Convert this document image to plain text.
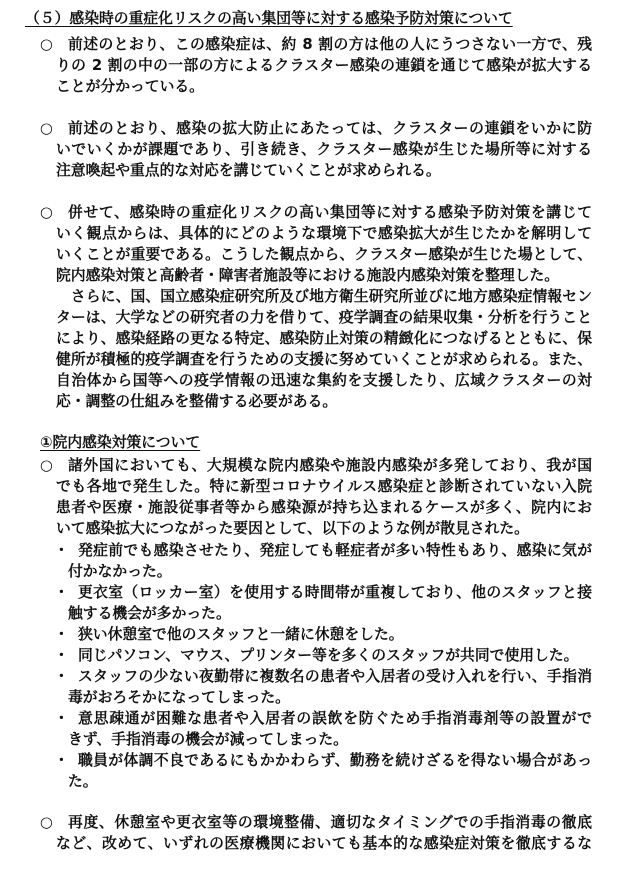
（５）感染時の重症化リスクの高い集団等に対する感染予防対策について
○	前述のとおり、この感染症は、約 8 割の方は他の人にうつさない一方で、残
りの 2 割の中の一部の方によるクラスター感染の連鎖を通じて感染が拡大する
ことが分かっている。
○	前述のとおり、感染の拡大防止にあたっては、クラスターの連鎖をいかに防
いでいくかが課題であり、引き続き、クラスター感染が生じた場所等に対する
注意喚起や重点的な対応を講じていくことが求められる。
○	併せて、感染時の重症化リスクの高い集団等に対する感染予防対策を講じて
いく観点からは、具体的にどのような環境下で感染拡大が生じたかを解明して
いくことが重要である。こうした観点から、クラスター感染が生じた場として、
院内感染対策と高齢者・障害者施設等における施設内感染対策を整理した。
　さらに、国、国立感染症研究所及び地方衛生研究所並びに地方感染症情報セン
ターは、大学などの研究者の力を借りて、疫学調査の結果収集・分析を行うこと
により、感染経路の更なる特定、感染防止対策の精緻化につなげるとともに、保
健所が積極的疫学調査を行うための支援に努めていくことが求められる。また、
自治体から国等への疫学情報の迅速な集約を支援したり、広域クラスターの対
応・調整の仕組みを整備する必要がある。
①院内感染対策について
○	諸外国においても、大規模な院内感染や施設内感染が多発しており、我が国
でも各地で発生した。特に新型コロナウイルス感染症と診断されていない入院
患者や医療・施設従事者等から感染源が持ち込まれるケースが多く、院内にお
いて感染拡大につながった要因として、以下のような例が散見された。
・ 発症前でも感染させたり、発症しても軽症者が多い特性もあり、感染に気が
付かなかった。
・ 更衣室（ロッカー室）を使用する時間帯が重複しており、他のスタッフと接
触する機会が多かった。
・ 狭い休憩室で他のスタッフと一緒に休憩をした。
・ 同じパソコン、マウス、プリンター等を多くのスタッフが共同で使用した。
・ スタッフの少ない夜勤帯に複数名の患者や入居者の受け入れを行い、手指消
毒がおろそかになってしまった。
・ 意思疎通が困難な患者や入居者の誤飲を防ぐため手指消毒剤等の設置がで
きず、手指消毒の機会が減ってしまった。
・ 職員が体調不良であるにもかかわらず、勤務を続けざるを得ない場合があっ
た。
○	再度、休憩室や更衣室等の環境整備、適切なタイミングでの手指消毒の徹底
など、改めて、いずれの医療機関においても基本的な感染症対策を徹底するな
